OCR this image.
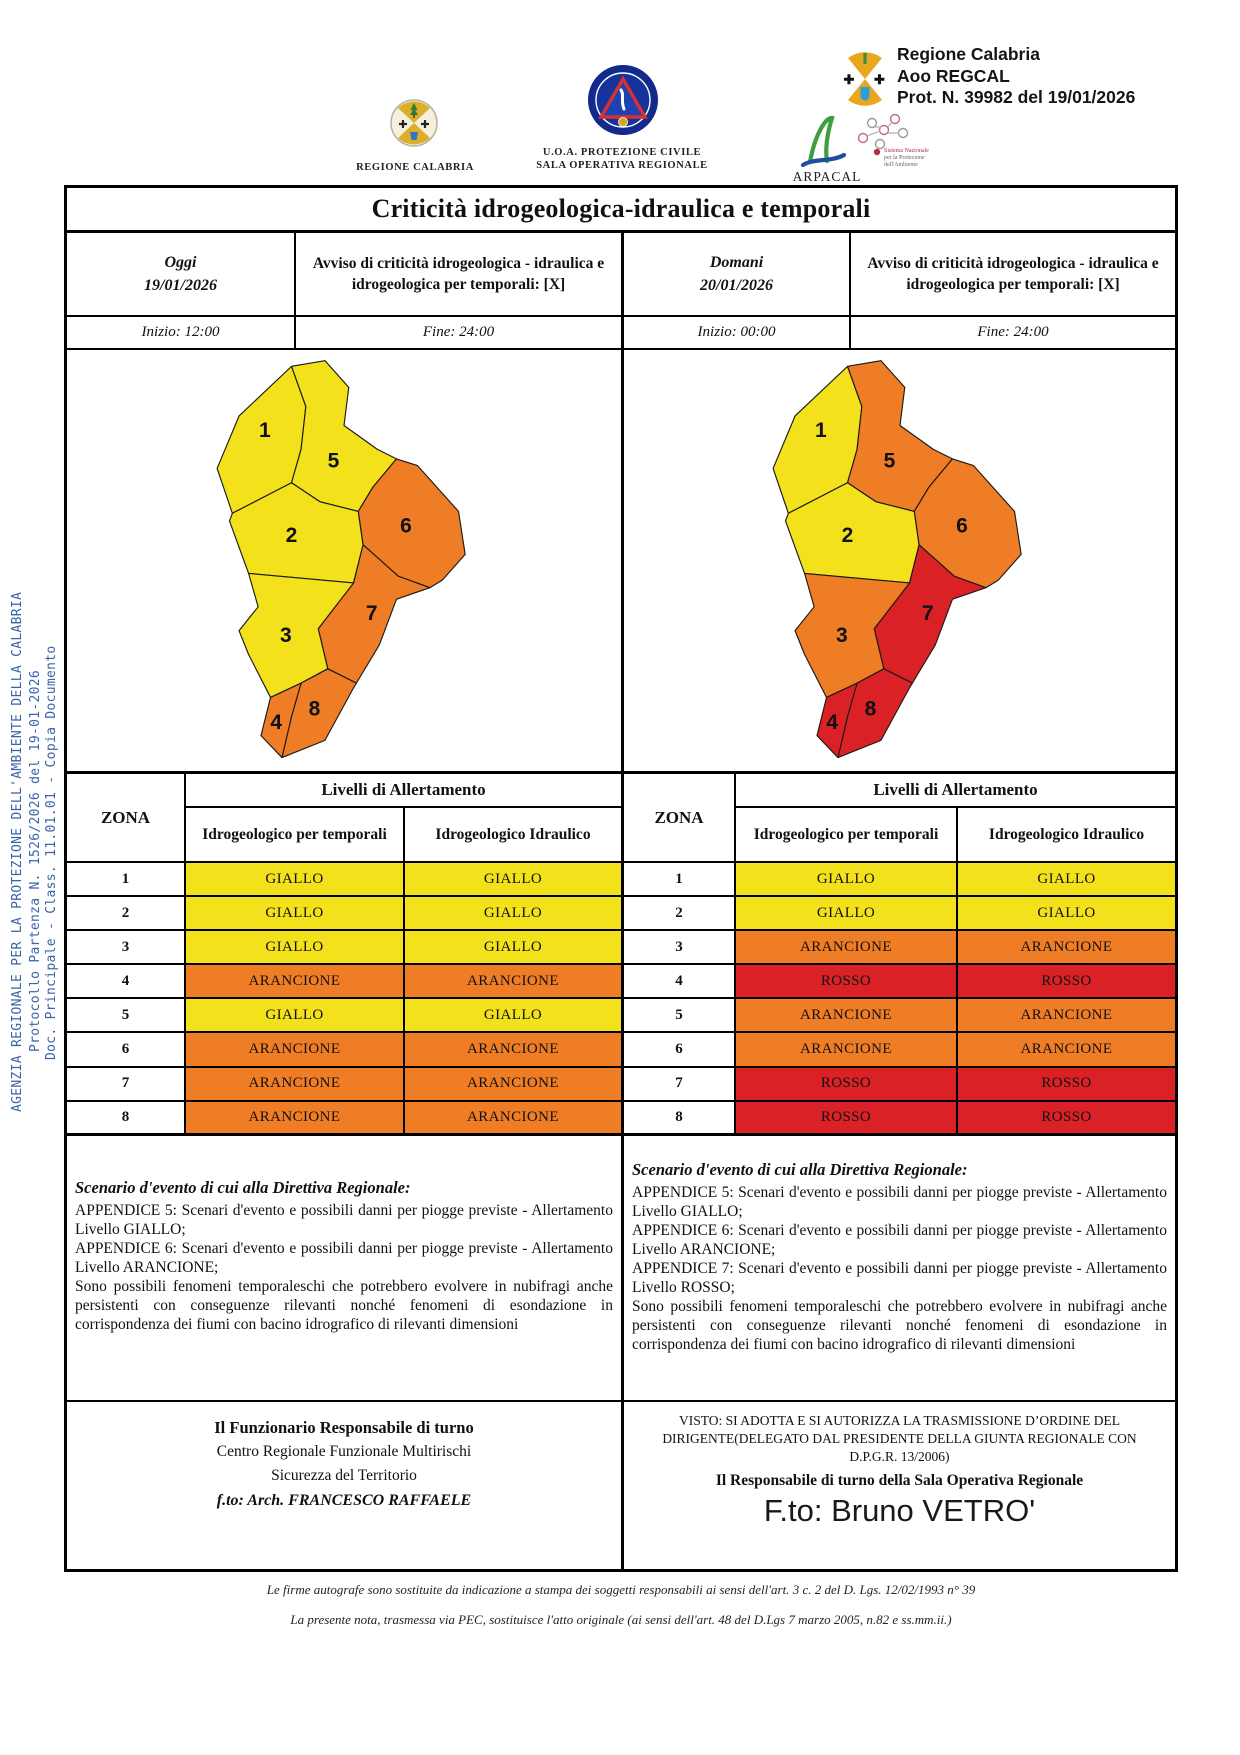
AGENZIA REGIONALE PER LA PROTEZIONE DELL'AMBIENTE DELLA CALABRIA Protocollo Partenza N. 1526/2026 del 19-01-2026 Doc. Principale - Class. 11.01.01 - Copia Documento
✚ ✚
REGIONE CALABRIA
U.O.A. PROTEZIONE CIVILE
SALA OPERATIVA REGIONALE
ARPACAL
Sistema Nazionale
per la Protezione
dell'Ambiente
✚ ✚
Regione Calabria
Aoo REGCAL
Prot. N. 39982 del 19/01/2026
Criticità idrogeologica-idraulica e temporali
Oggi
19/01/2026
Avviso di criticità idrogeologica - idraulica e idrogeologica per temporali: [X]
Domani
20/01/2026
Avviso di criticità idrogeologica - idraulica e idrogeologica per temporali: [X]
Inizio: 12:00	Fine: 24:00	Inizio: 00:00	Fine: 24:00
1
5
2	6
7
3
4
8
1
5
2	6
7
3
4
8
ZONA	Livelli di Allertamento	
	Idrogeologico per temporali	Idrogeologico Idraulico
1	GIALLO	GIALLO
2	GIALLO	GIALLO
3	GIALLO	GIALLO
4	ARANCIONE	ARANCIONE
5	GIALLO	GIALLO
6	ARANCIONE	ARANCIONE
7	ARANCIONE	ARANCIONE
8	ARANCIONE	ARANCIONE
ZONA	Livelli di Allertamento	
	Idrogeologico per temporali	Idrogeologico Idraulico
1	GIALLO	GIALLO
2	GIALLO	GIALLO
3	ARANCIONE	ARANCIONE
4	ROSSO	ROSSO
5	ARANCIONE	ARANCIONE
6	ARANCIONE	ARANCIONE
7	ROSSO	ROSSO
8	ROSSO	ROSSO
Scenario d'evento di cui alla Direttiva Regionale:

APPENDICE 5: Scenari d'evento e possibili danni per piogge previste - Allertamento Livello GIALLO;

APPENDICE 6: Scenari d'evento e possibili danni per piogge previste - Allertamento Livello ARANCIONE;

Sono possibili fenomeni temporaleschi che potrebbero evolvere in nubifragi anche persistenti con conseguenze rilevanti nonché fenomeni di esondazione in corrispondenza dei fiumi con bacino idrografico di rilevanti dimensioni

Scenario d'evento di cui alla Direttiva Regionale:

APPENDICE 5: Scenari d'evento e possibili danni per piogge previste - Allertamento Livello GIALLO;

APPENDICE 6: Scenari d'evento e possibili danni per piogge previste - Allertamento Livello ARANCIONE;

APPENDICE 7: Scenari d'evento e possibili danni per piogge previste - Allertamento Livello ROSSO;

Sono possibili fenomeni temporaleschi che potrebbero evolvere in nubifragi anche persistenti con conseguenze rilevanti nonché fenomeni di esondazione in corrispondenza dei fiumi con bacino idrografico di rilevanti dimensioni

Il Funzionario Responsabile di turno
Centro Regionale Funzionale Multirischi
Sicurezza del Territorio
f.to: Arch. FRANCESCO RAFFAELE
VISTO: SI ADOTTA E SI AUTORIZZA LA TRASMISSIONE D’ORDINE DEL DIRIGENTE(DELEGATO DAL PRESIDENTE DELLA GIUNTA REGIONALE CON D.P.G.R. 13/2006)
Il Responsabile di turno della Sala Operativa Regionale
F.to: Bruno VETRO'
Le firme autografe sono sostituite da indicazione a stampa dei soggetti responsabili ai sensi dell'art. 3 c. 2 del D. Lgs. 12/02/1993 n° 39
La presente nota, trasmessa via PEC, sostituisce l'atto originale (ai sensi dell'art. 48 del D.Lgs 7 marzo 2005, n.82 e ss.mm.ii.)
